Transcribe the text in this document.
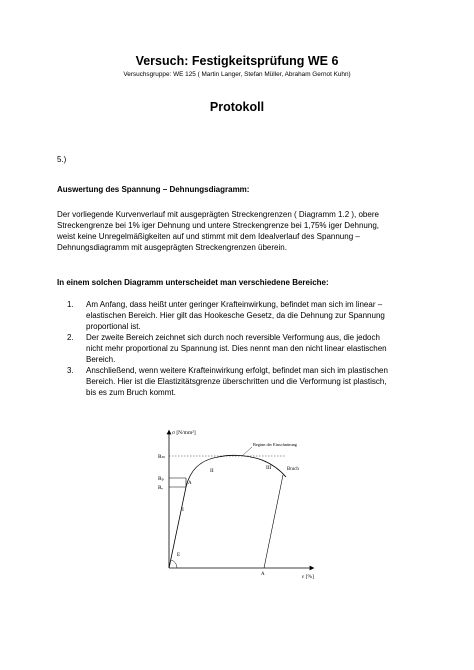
Versuch: Festigkeitsprüfung WE 6
Versuchsgruppe: WE 125 ( Martin Langer, Stefan Müller, Abraham Gernot Kuhn)
Protokoll
5.)
Auswertung des Spannung – Dehnungsdiagramm:
Der vorliegende Kurvenverlauf mit ausgeprägten Streckengrenzen ( Diagramm 1.2 ), obere
Streckengrenze bei 1% iger Dehnung und untere Streckengrenze bei 1,75% iger Dehnung,
weist keine Unregelmäßigkeiten auf und stimmt mit dem Idealverlauf des Spannung –
Dehnungsdiagramm mit ausgeprägten Streckengrenzen überein.
In einem solchen Diagramm unterscheidet man verschiedene Bereiche:
1. Am Anfang, dass heißt unter geringer Krafteinwirkung, befindet man sich im linear –
elastischen Bereich. Hier gilt das Hookesche Gesetz, da die Dehnung zur Spannung
proportional ist.
2. Der zweite Bereich zeichnet sich durch noch reversible Verformung aus, die jedoch
nicht mehr proportional zu Spannung ist. Dies nennt man den nicht linear elastischen
Bereich.
3. Anschließend, wenn weitere Krafteinwirkung erfolgt, befindet man sich im plastischen
Bereich. Hier ist die Elastizitätsgrenze überschritten und die Verformung ist plastisch,
bis es zum Bruch kommt.
σ [N/mm²]
ε [%]
Rₘ
Rₚ
Rₑ
Beginn der Einschnürung
Bruch
I
II	III
A
E
A
